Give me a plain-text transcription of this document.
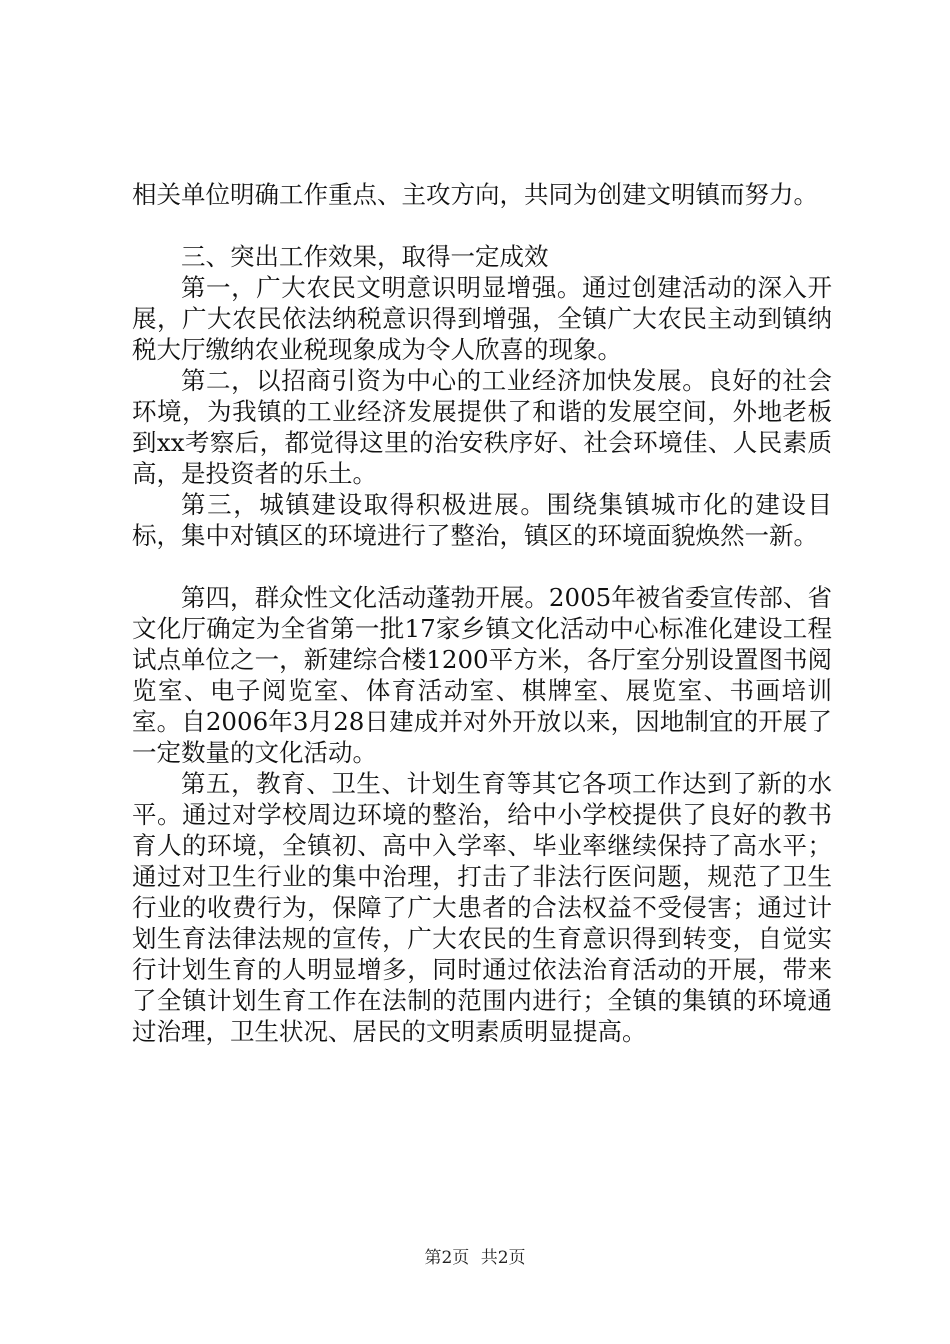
相关单位明确工作重点、主攻方向，共同为创建文明镇而努力。

三、突出工作效果，取得一定成效

第一，广大农民文明意识明显增强。通过创建活动的深入开展，广大农民依法纳税意识得到增强，全镇广大农民主动到镇纳税大厅缴纳农业税现象成为令人欣喜的现象。

第二，以招商引资为中心的工业经济加快发展。良好的社会环境，为我镇的工业经济发展提供了和谐的发展空间，外地老板到xx考察后，都觉得这里的治安秩序好、社会环境佳、人民素质高，是投资者的乐土。

第三，城镇建设取得积极进展。围绕集镇城市化的建设目标，集中对镇区的环境进行了整治，镇区的环境面貌焕然一新。

第四，群众性文化活动蓬勃开展。2005年被省委宣传部、省文化厅确定为全省第一批17家乡镇文化活动中心标准化建设工程试点单位之一，新建综合楼1200平方米，各厅室分别设置图书阅览室、电子阅览室、体育活动室、棋牌室、展览室、书画培训室。自2006年3月28日建成并对外开放以来，因地制宜的开展了一定数量的文化活动。

第五，教育、卫生、计划生育等其它各项工作达到了新的水平。通过对学校周边环境的整治，给中小学校提供了良好的教书育人的环境，全镇初、高中入学率、毕业率继续保持了高水平；通过对卫生行业的集中治理，打击了非法行医问题，规范了卫生行业的收费行为，保障了广大患者的合法权益不受侵害；通过计划生育法律法规的宣传，广大农民的生育意识得到转变，自觉实行计划生育的人明显增多，同时通过依法治育活动的开展，带来了全镇计划生育工作在法制的范围内进行；全镇的集镇的环境通过治理，卫生状况、居民的文明素质明显提高。

第2页 共2页
